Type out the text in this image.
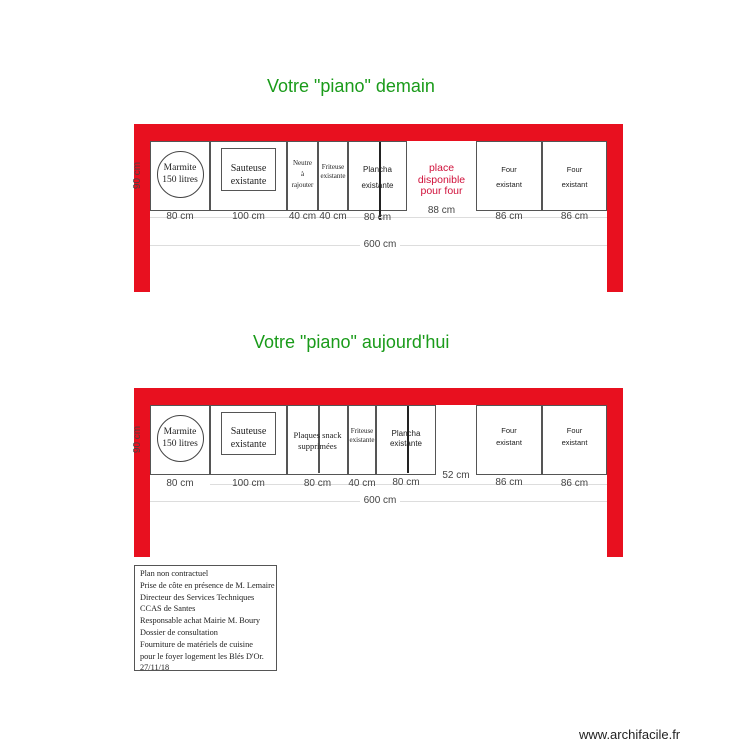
Votre "piano" demain
90 cm	Marmite
150 litres
Sauteuse
existante
Neutre
à
rajouter
Friteuse
existante
Plancha
existante
place
disponible
pour four
Four
existant
Four
existant
80 cm	100 cm	40 cm 40 cm	80 cm
88 cm
86 cm	86 cm
600 cm
Votre "piano" aujourd'hui
90 cm	Marmite
150 litres
Sauteuse
existante
Plaques snack
supprimées
Friteuse
existante
Plancha
existante
Four
existant
Four
existant
80 cm	100 cm	80 cm	40 cm	80 cm
52 cm
86 cm	86 cm
600 cm
Plan non contractuel
Prise de côte en présence de M. Lemaire
Directeur des Services Techniques
CCAS de Santes
Responsable achat Mairie M. Boury
Dossier de consultation
Fourniture de matériels de cuisine
pour le foyer logement les Blés D'Or.
27/11/18
www.archifacile.fr
